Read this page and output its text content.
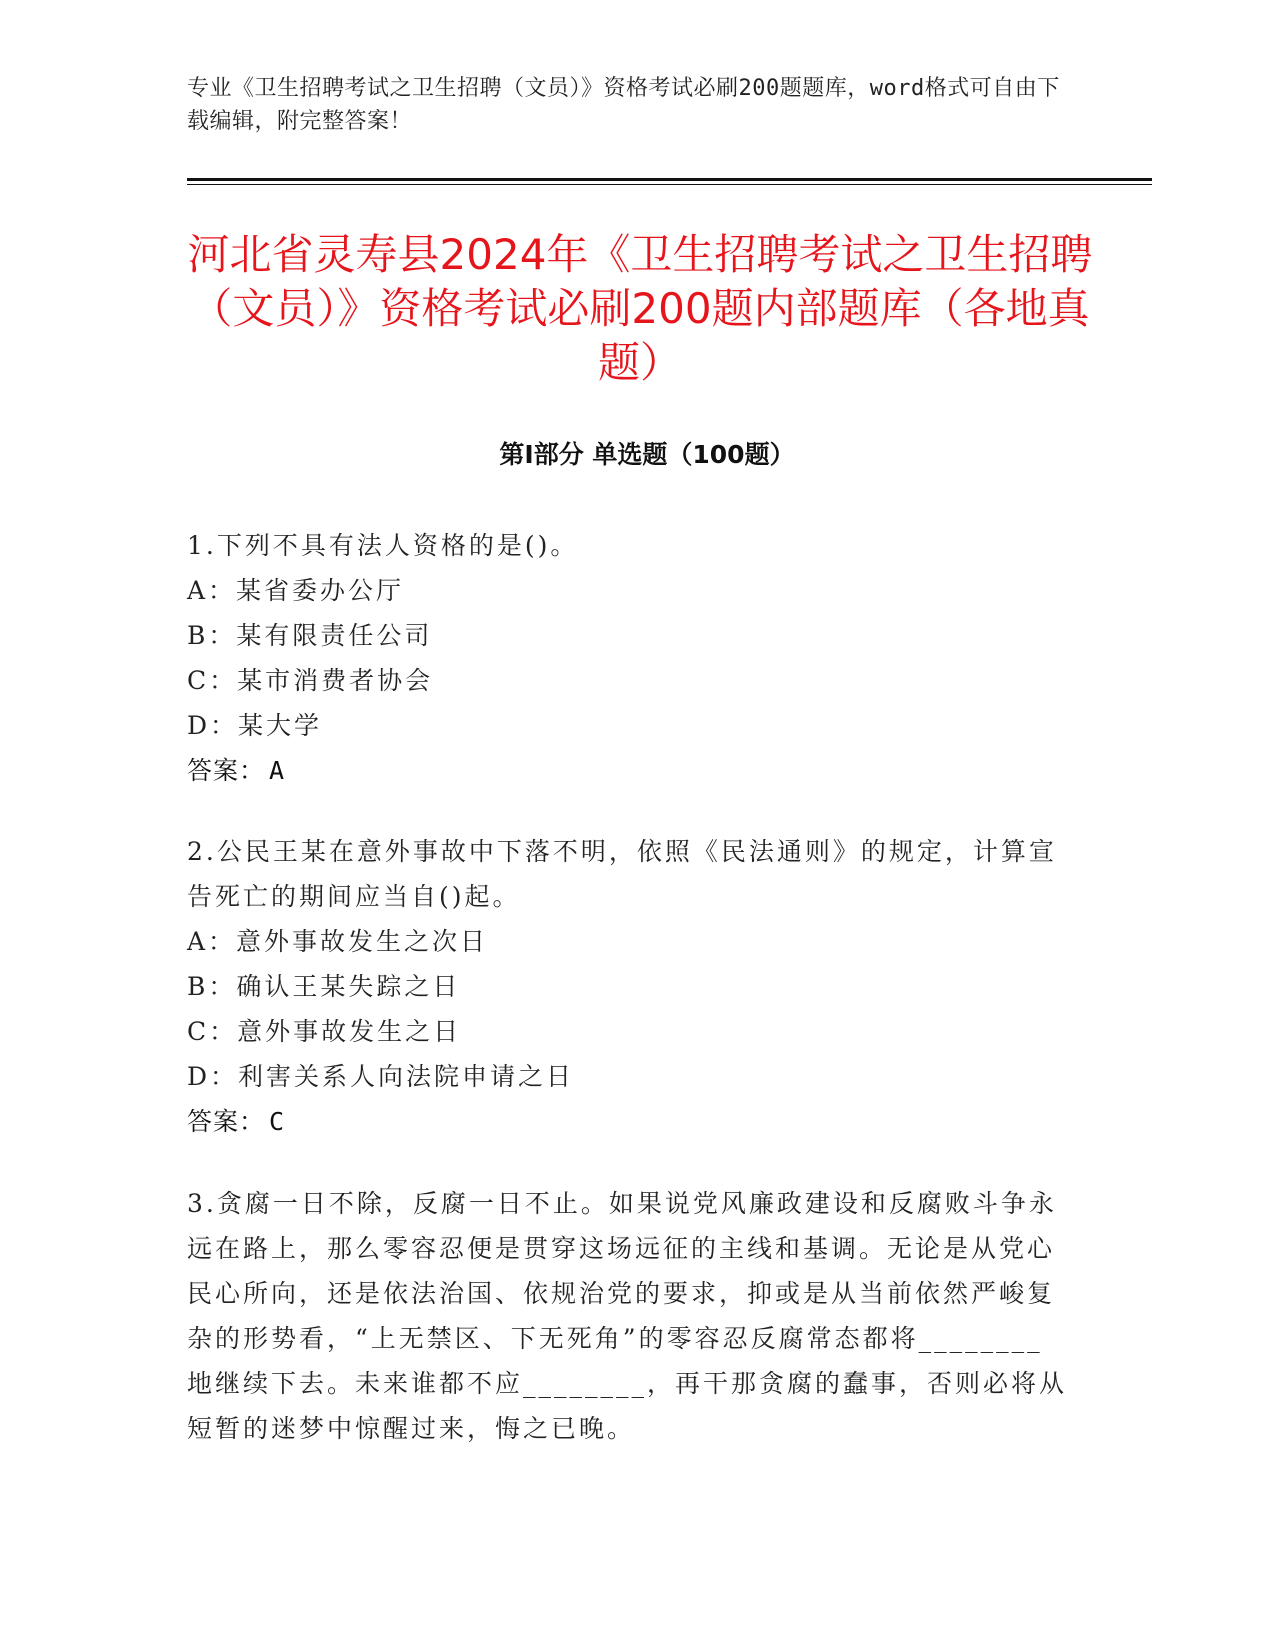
专业《卫生招聘考试之卫生招聘（文员）》资格考试必刷200题题库，word格式可自由下载编辑，附完整答案！
河北省灵寿县2024年《卫生招聘考试之卫生招聘（文员）》资格考试必刷200题内部题库（各地真题）
第Ⅰ部分 单选题（100题）
1.下列不具有法人资格的是()。
A：某省委办公厅
B：某有限责任公司
C：某市消费者协会
D：某大学
答案： A
2.公民王某在意外事故中下落不明，依照《民法通则》的规定，计算宣告死亡的期间应当自()起。
A：意外事故发生之次日
B：确认王某失踪之日
C：意外事故发生之日
D：利害关系人向法院申请之日
答案： C
3.贪腐一日不除，反腐一日不止。如果说党风廉政建设和反腐败斗争永远在路上，那么零容忍便是贯穿这场远征的主线和基调。无论是从党心民心所向，还是依法治国、依规治党的要求，抑或是从当前依然严峻复杂的形势看，“上无禁区、下无死角”的零容忍反腐常态都将________地继续下去。未来谁都不应________，再干那贪腐的蠢事，否则必将从短暂的迷梦中惊醒过来，悔之已晚。
